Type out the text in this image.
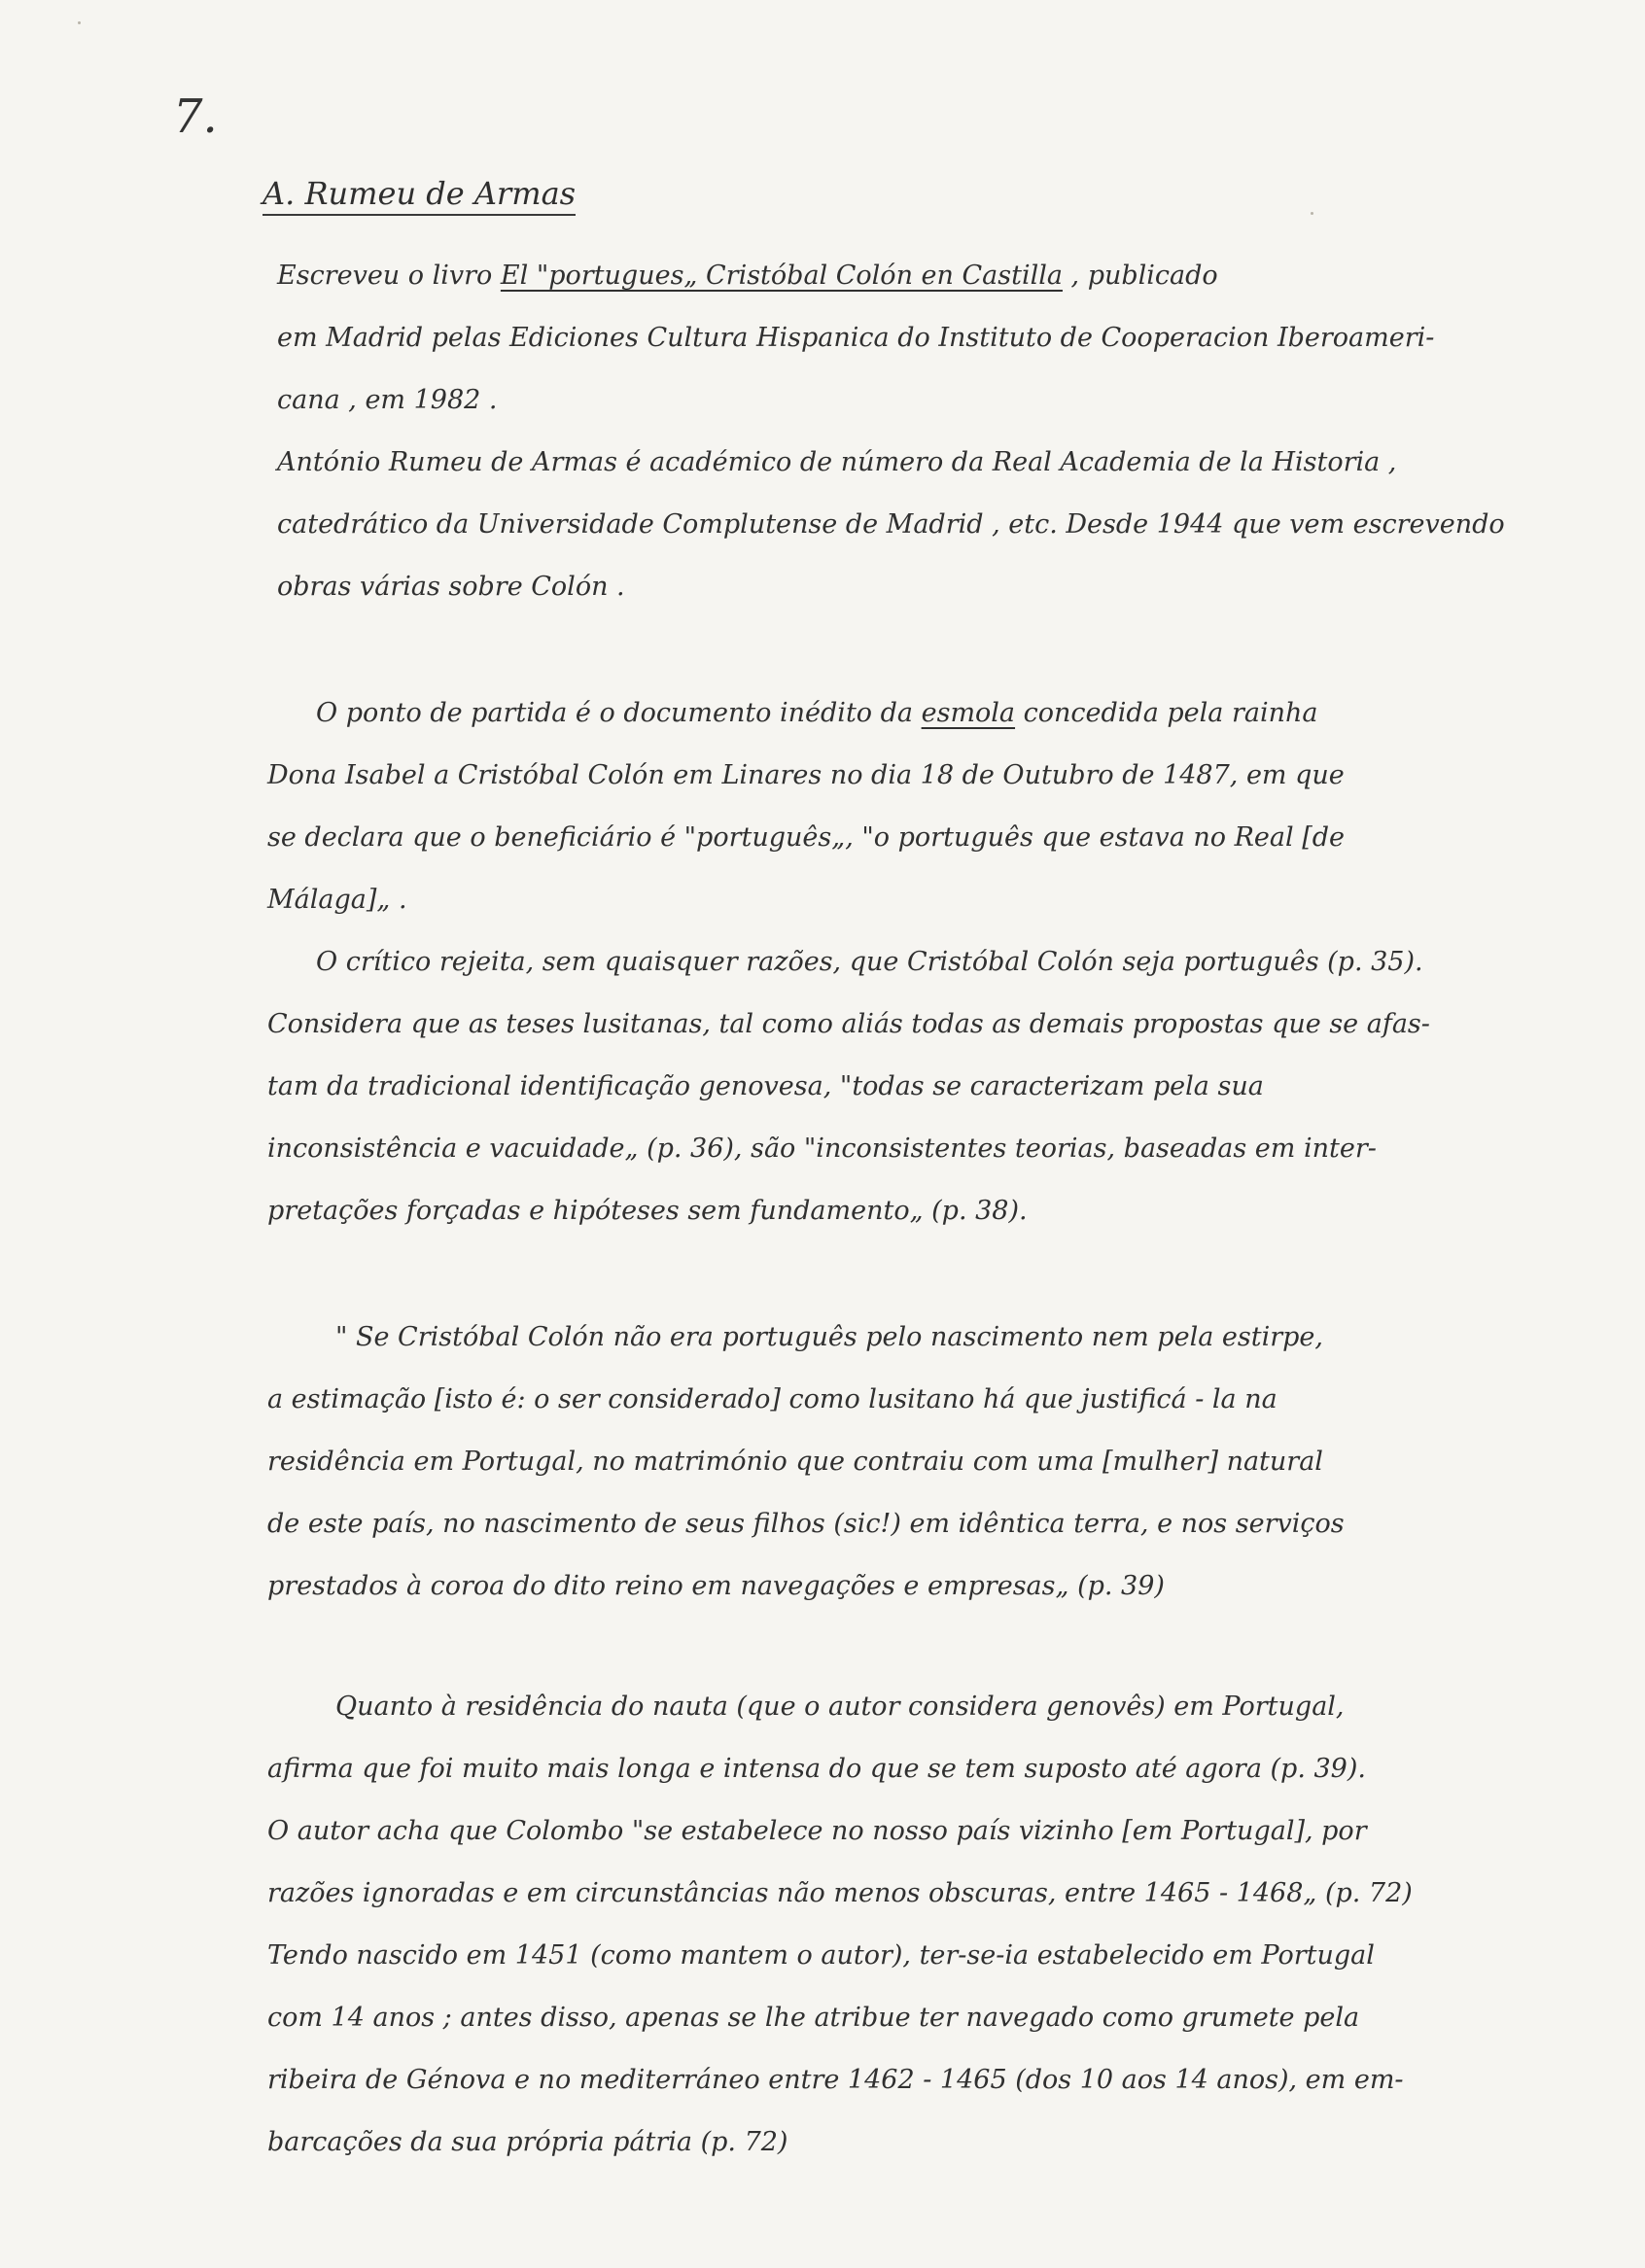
7.
A. Rumeu de Armas
Escreveu o livro El "portugues„ Cristóbal Colón en Castilla , publicado
em Madrid pelas Ediciones Cultura Hispanica do Instituto de Cooperacion Iberoameri-
cana , em 1982 .
António Rumeu de Armas é académico de número da Real Academia de la Historia ,
catedrático da Universidade Complutense de Madrid , etc. Desde 1944 que vem escrevendo
obras várias sobre Colón .
O ponto de partida é o documento inédito da esmola concedida pela rainha
Dona Isabel a Cristóbal Colón em Linares no dia 18 de Outubro de 1487, em que
se declara que o beneficiário é "português„, "o português que estava no Real [de
Málaga]„ .
O crítico rejeita, sem quaisquer razões, que Cristóbal Colón seja português (p. 35).
Considera que as teses lusitanas, tal como aliás todas as demais propostas que se afas-
tam da tradicional identificação genovesa, "todas se caracterizam pela sua
inconsistência e vacuidade„ (p. 36), são "inconsistentes teorias, baseadas em inter-
pretações forçadas e hipóteses sem fundamento„ (p. 38).
" Se Cristóbal Colón não era português pelo nascimento nem pela estirpe,
a estimação [isto é: o ser considerado] como lusitano há que justificá - la na
residência em Portugal, no matrimónio que contraiu com uma [mulher] natural
de este país, no nascimento de seus filhos (sic!) em idêntica terra, e nos serviços
prestados à coroa do dito reino em navegações e empresas„ (p. 39)
Quanto à residência do nauta (que o autor considera genovês) em Portugal,
afirma que foi muito mais longa e intensa do que se tem suposto até agora (p. 39).
O autor acha que Colombo "se estabelece no nosso país vizinho [em Portugal], por
razões ignoradas e em circunstâncias não menos obscuras, entre 1465 - 1468„ (p. 72)
Tendo nascido em 1451 (como mantem o autor), ter-se-ia estabelecido em Portugal
com 14 anos ; antes disso, apenas se lhe atribue ter navegado como grumete pela
ribeira de Génova e no mediterráneo entre 1462 - 1465 (dos 10 aos 14 anos), em em-
barcações da sua própria pátria (p. 72)
